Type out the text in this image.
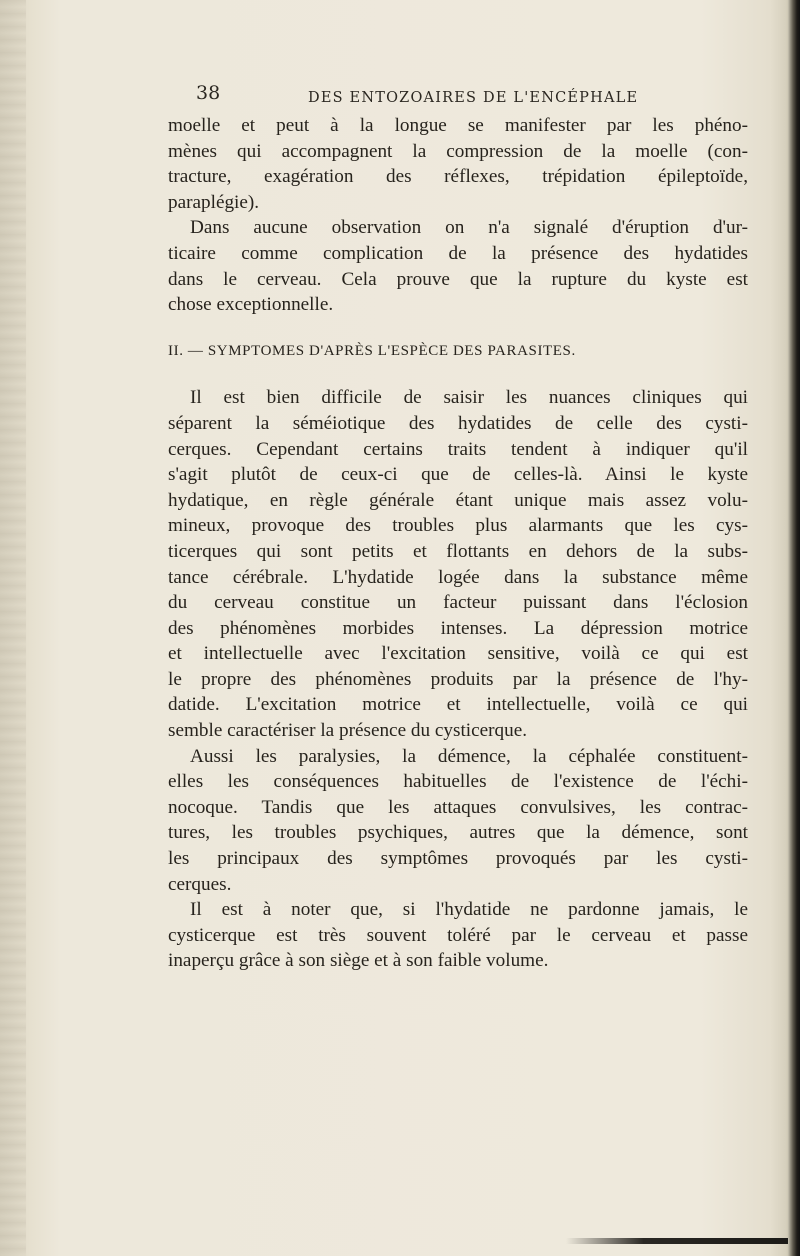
38	DES ENTOZOAIRES DE L'ENCÉPHALE
moelle et peut à la longue se manifester par les phéno-
mènes qui accompagnent la compression de la moelle (con-
tracture, exagération des réflexes, trépidation épileptoïde,
paraplégie).
Dans aucune observation on n'a signalé d'éruption d'ur-
ticaire comme complication de la présence des hydatides
dans le cerveau. Cela prouve que la rupture du kyste est
chose exceptionnelle.
II. — SYMPTOMES D'APRÈS L'ESPÈCE DES PARASITES.
Il est bien difficile de saisir les nuances cliniques qui
séparent la séméiotique des hydatides de celle des cysti-
cerques. Cependant certains traits tendent à indiquer qu'il
s'agit plutôt de ceux-ci que de celles-là. Ainsi le kyste
hydatique, en règle générale étant unique mais assez volu-
mineux, provoque des troubles plus alarmants que les cys-
ticerques qui sont petits et flottants en dehors de la subs-
tance cérébrale. L'hydatide logée dans la substance même
du cerveau constitue un facteur puissant dans l'éclosion
des phénomènes morbides intenses. La dépression motrice
et intellectuelle avec l'excitation sensitive, voilà ce qui est
le propre des phénomènes produits par la présence de l'hy-
datide. L'excitation motrice et intellectuelle, voilà ce qui
semble caractériser la présence du cysticerque.
Aussi les paralysies, la démence, la céphalée constituent-
elles les conséquences habituelles de l'existence de l'échi-
nocoque. Tandis que les attaques convulsives, les contrac-
tures, les troubles psychiques, autres que la démence, sont
les principaux des symptômes provoqués par les cysti-
cerques.
Il est à noter que, si l'hydatide ne pardonne jamais, le
cysticerque est très souvent toléré par le cerveau et passe
inaperçu grâce à son siège et à son faible volume.
